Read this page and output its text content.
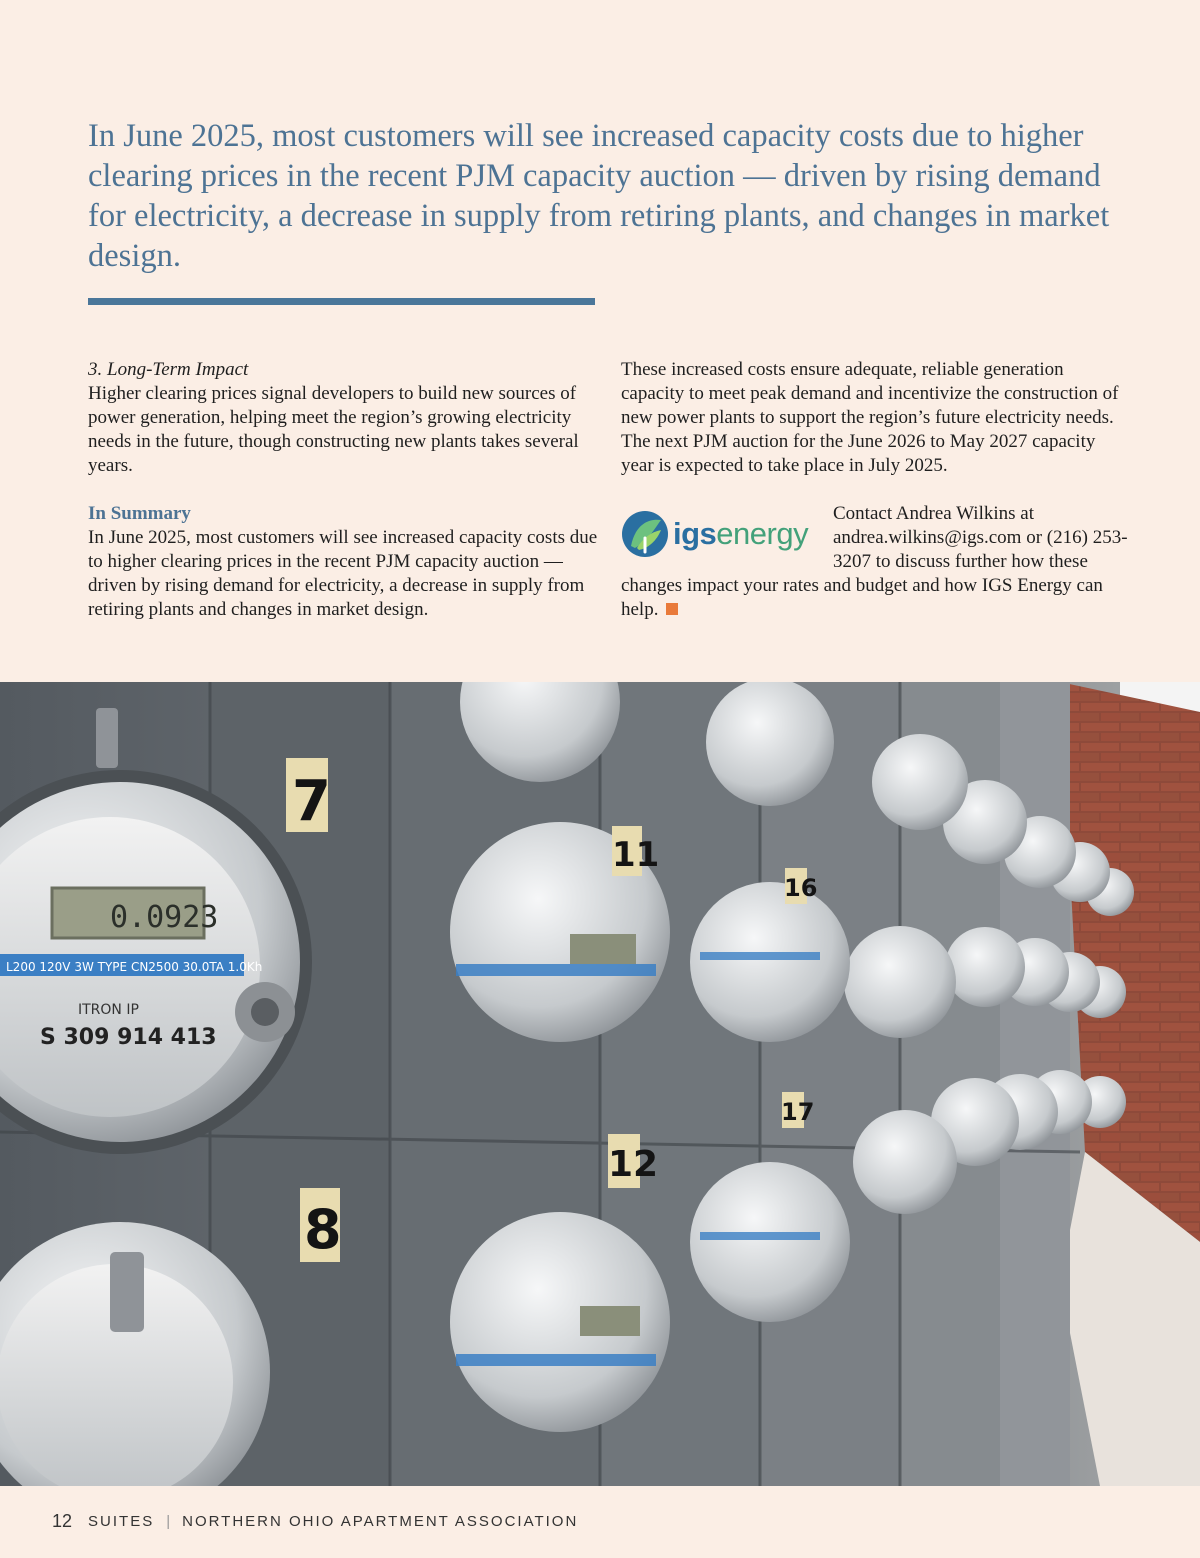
In June 2025, most customers will see increased capacity costs due to higher clearing prices in the recent PJM capacity auction — driven by rising demand for electricity, a decrease in supply from retiring plants, and changes in market design.
3. Long-Term Impact
Higher clearing prices signal developers to build new sources of power generation, helping meet the region’s growing electricity needs in the future, though constructing new plants takes several years.
In Summary
In June 2025, most customers will see increased capacity costs due to higher clearing prices in the recent PJM capacity auction — driven by rising demand for electricity, a decrease in supply from retiring plants and changes in market design.
These increased costs ensure adequate, reliable generation capacity to meet peak demand and incentivize the construction of new power plants to support the region’s future electricity needs. The next PJM auction for the June 2026 to May 2027 capacity year is expected to take place in July 2025.
igsenergy
Contact Andrea Wilkins at andrea.wilkins@igs.com or (216) 253-3207 to discuss further how these changes impact your rates and budget and how IGS Energy can help.
0.0923
L200 120V 3W TYPE CN2500 30.0TA 1.0Kh
ITRON IP
S 309 914 413
7
8
11
12
16
17
12 SUITES | NORTHERN OHIO APARTMENT ASSOCIATION
